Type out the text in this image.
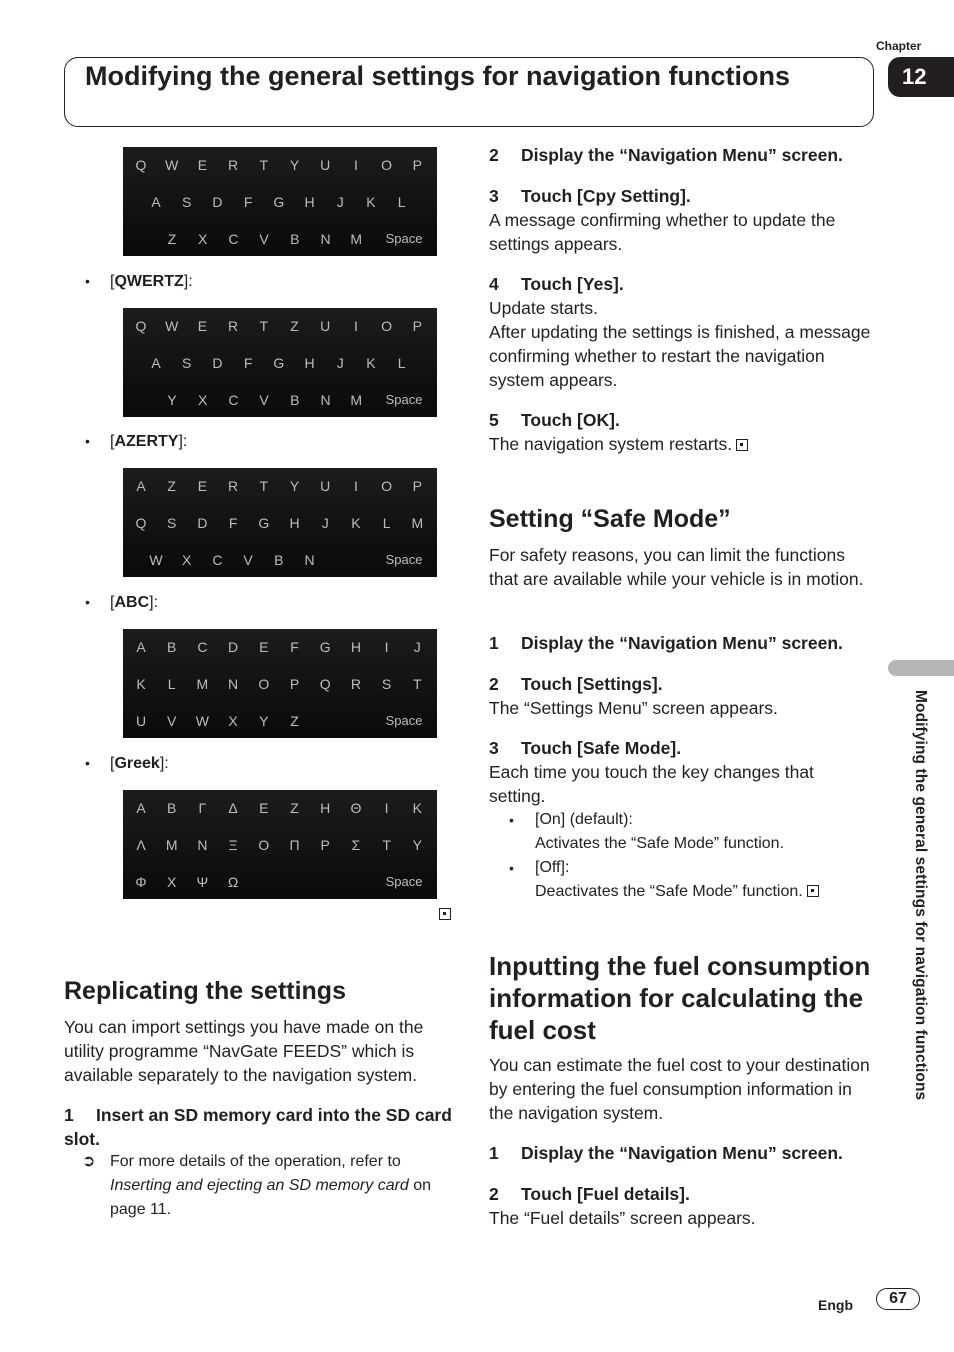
Modifying the general settings for navigation functions
Chapter
12
Modifying the general settings for navigation functions
Q	W	E	R	T	Y	U	I	O	P
A	S	D	F	G	H	J	K	L
Z	X	C	V	B	N	M	Space
• [QWERTZ]:
Q	W	E	R	T	Z	U	I	O	P
A	S	D	F	G	H	J	K	L
Y	X	C	V	B	N	M	Space
• [AZERTY]:
A	Z	E	R	T	Y	U	I	O	P
Q	S	D	F	G	H	J	K	L	M
W	X	C	V	B	N	Space
• [ABC]:
A	B	C	D	E	F	G	H	I	J
K	L	M	N	O	P	Q	R	S	T
U	V	W	X	Y	Z	Space
• [Greek]:
Α	Β	Γ	Δ	Ε	Ζ	Η	Θ	Ι	Κ
Λ	Μ	Ν	Ξ	Ο	Π	Ρ	Σ	Τ	Υ
Φ	Χ	Ψ	Ω	Space
Replicating the settings

You can import settings you have made on the utility programme “NavGate FEEDS” which is available separately to the navigation system.

1 Insert an SD memory card into the SD card slot.

➲ For more details of the operation, refer to Inserting and ejecting an SD memory card on page 11.

2 Display the “Navigation Menu” screen.

3 Touch [Cpy Setting].

A message confirming whether to update the settings appears.

4 Touch [Yes].

Update starts.

After updating the settings is finished, a message confirming whether to restart the navigation system appears.

5 Touch [OK].

The navigation system restarts.

Setting “Safe Mode”

For safety reasons, you can limit the functions that are available while your vehicle is in motion.

1 Display the “Navigation Menu” screen.

2 Touch [Settings].

The “Settings Menu” screen appears.

3 Touch [Safe Mode].

Each time you touch the key changes that setting.

• [On] (default):
Activates the “Safe Mode” function.
• [Off]:
Deactivates the “Safe Mode” function.
Inputting the fuel consumption information for calculating the fuel cost

You can estimate the fuel cost to your destination by entering the fuel consumption information in the navigation system.

1 Display the “Navigation Menu” screen.

2 Touch [Fuel details].

The “Fuel details” screen appears.

Engb	67
